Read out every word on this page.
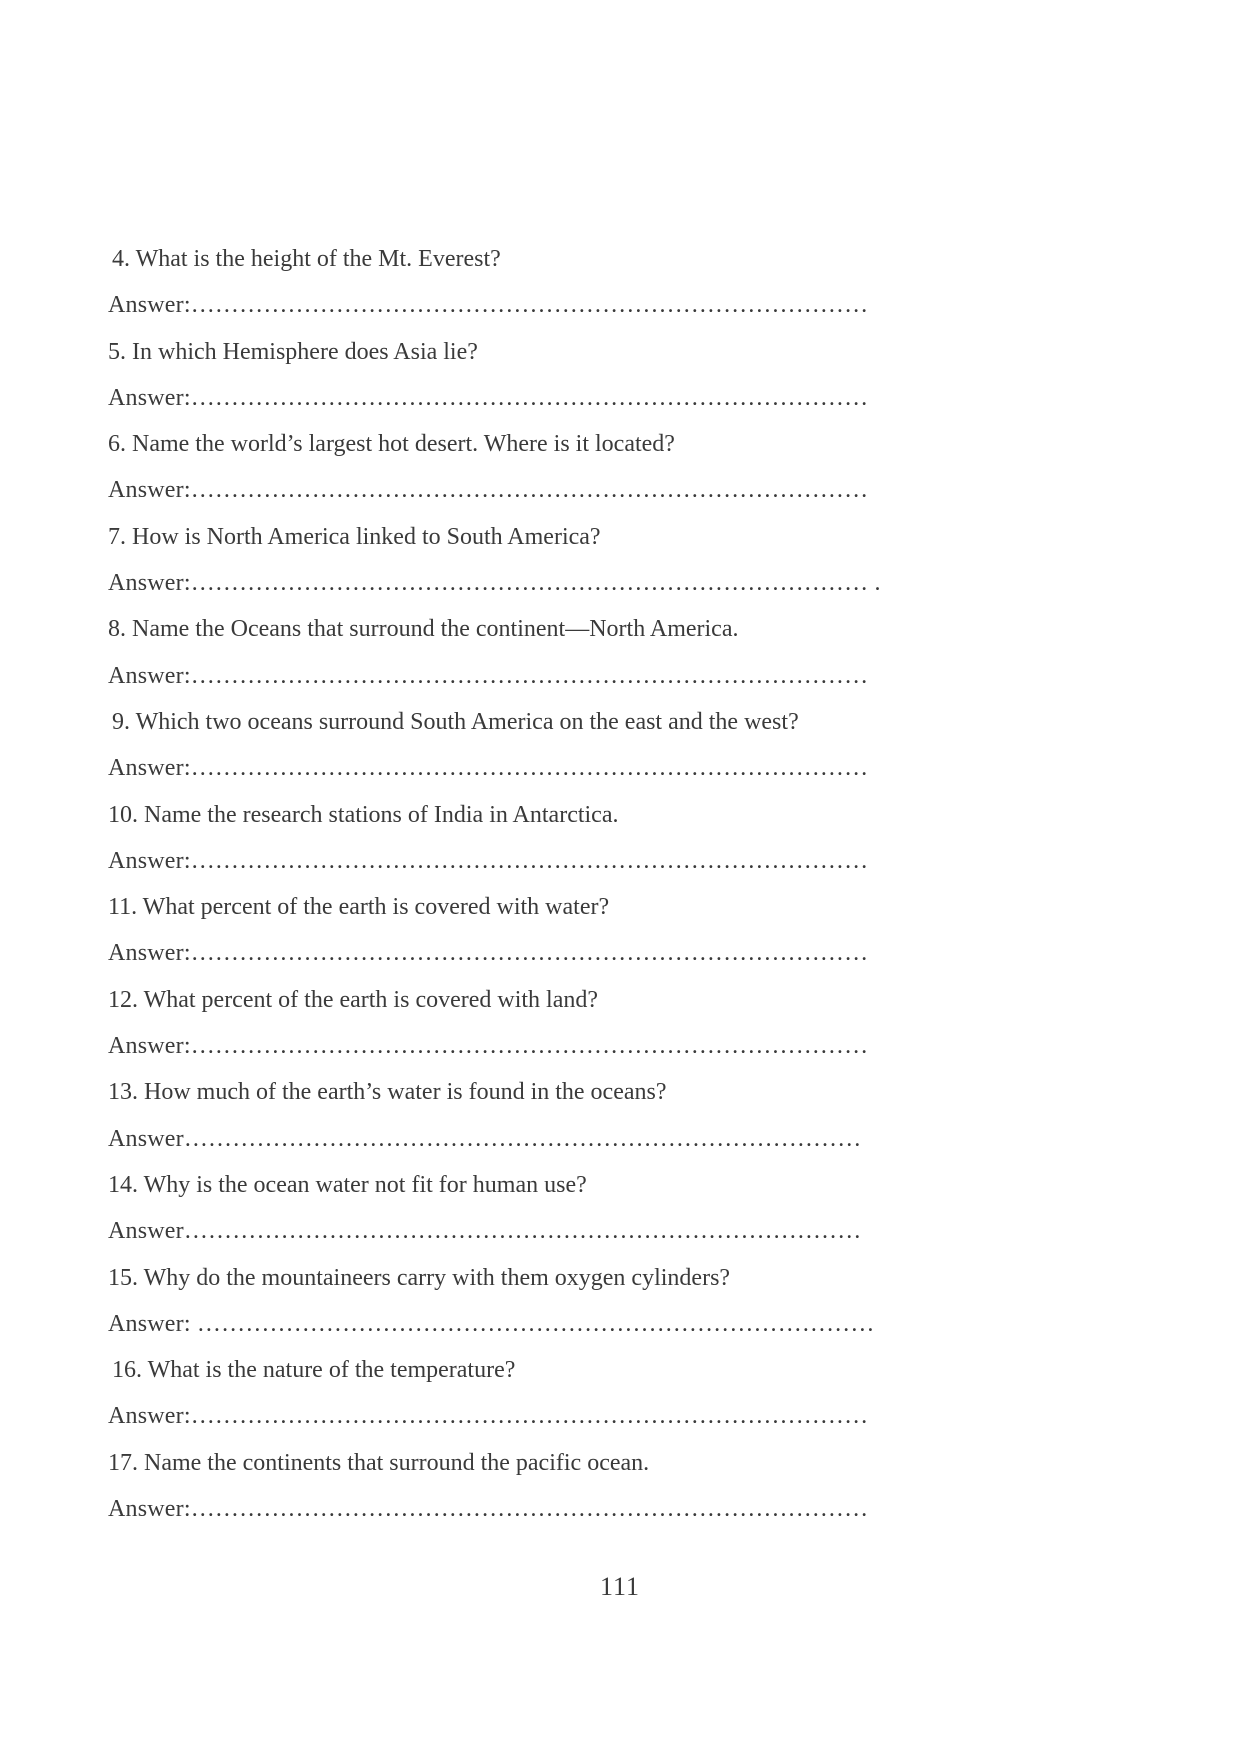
4. What is the height of the Mt. Everest?
Answer:…………………………………………………………………………
5. In which Hemisphere does Asia lie?
Answer:…………………………………………………………………………
6. Name the world’s largest hot desert. Where is it located?
Answer:…………………………………………………………………………
7. How is North America linked to South America?
Answer:………………………………………………………………………… .
8. Name the Oceans that surround the continent—North America.
Answer:…………………………………………………………………………
9. Which two oceans surround South America on the east and the west?
Answer:…………………………………………………………………………
10. Name the research stations of India in Antarctica.
Answer:…………………………………………………………………………
11. What percent of the earth is covered with water?
Answer:…………………………………………………………………………
12. What percent of the earth is covered with land?
Answer:…………………………………………………………………………
13. How much of the earth’s water is found in the oceans?
Answer…………………………………………………………………………
14. Why is the ocean water not fit for human use?
Answer…………………………………………………………………………
15. Why do the mountaineers carry with them oxygen cylinders?
Answer: …………………………………………………………………………
16. What is the nature of the temperature?
Answer:…………………………………………………………………………
17. Name the continents that surround the pacific ocean.
Answer:…………………………………………………………………………
111
